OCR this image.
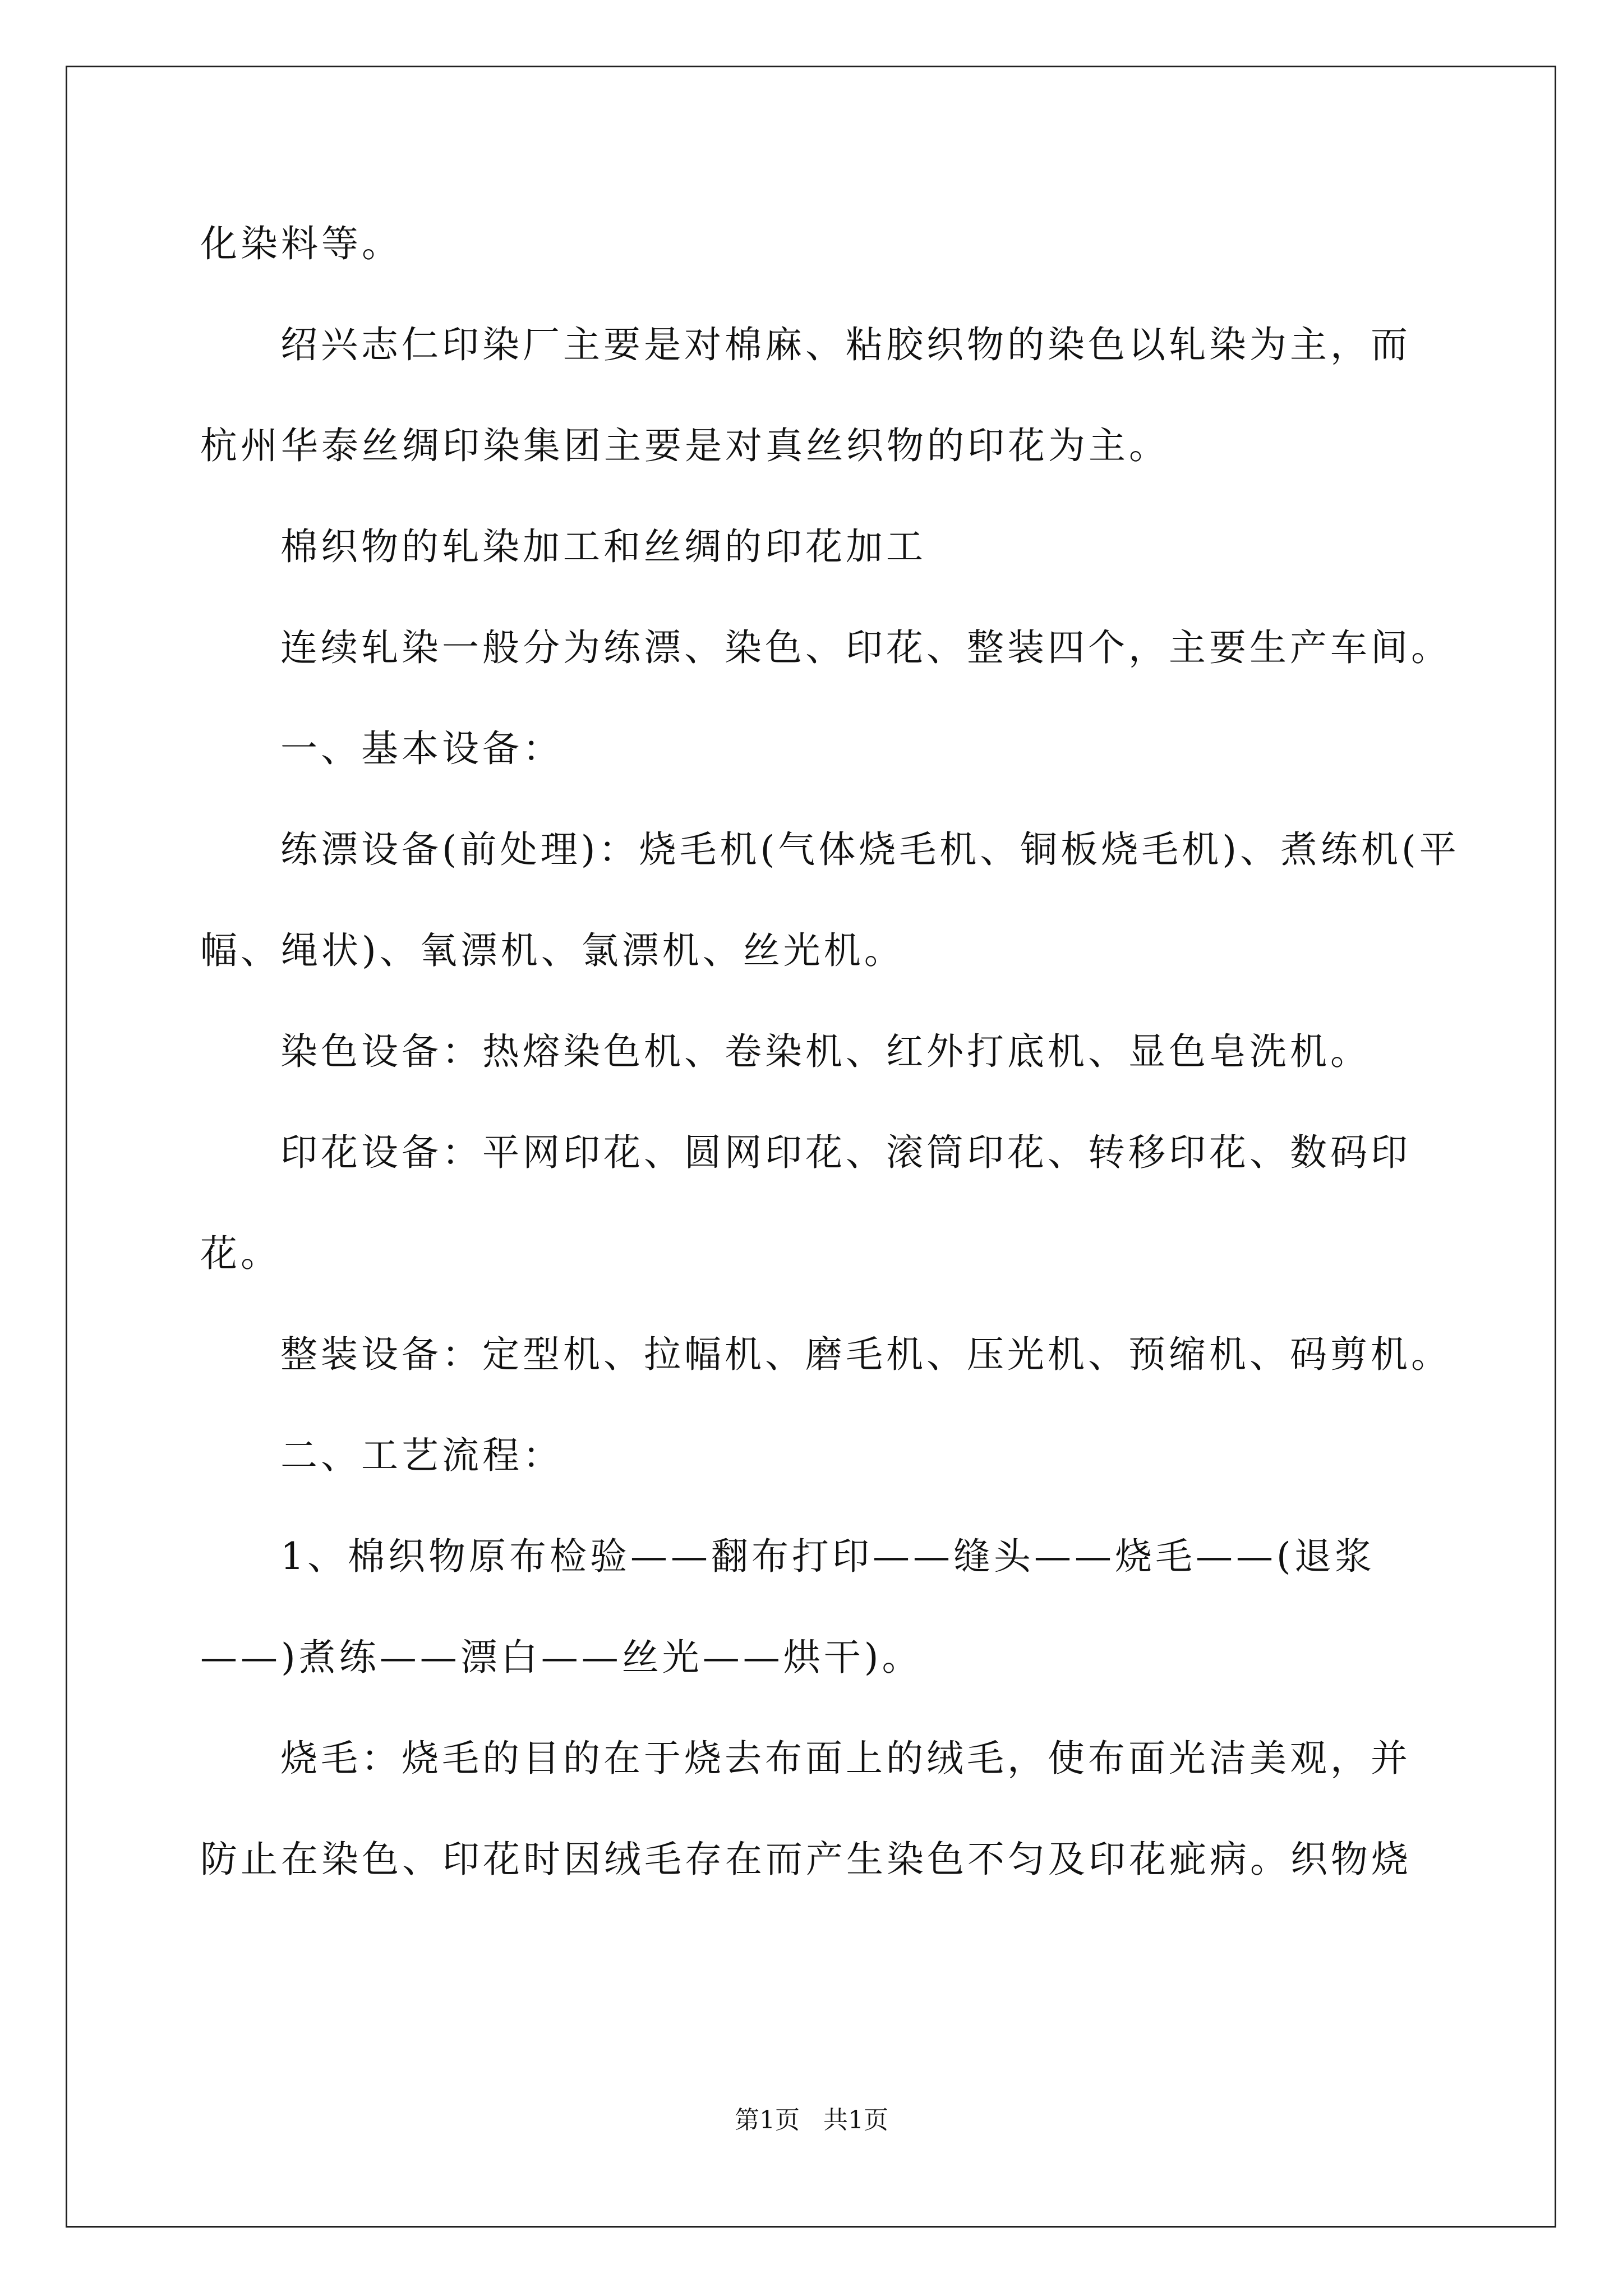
化染料等。

绍兴志仁印染厂主要是对棉麻、粘胶织物的染色以轧染为主，而

杭州华泰丝绸印染集团主要是对真丝织物的印花为主。

棉织物的轧染加工和丝绸的印花加工

连续轧染一般分为练漂、染色、印花、整装四个，主要生产车间。

一、基本设备：

练漂设备(前处理)：烧毛机(气体烧毛机、铜板烧毛机)、煮练机(平

幅、绳状)、氧漂机、氯漂机、丝光机。

染色设备：热熔染色机、卷染机、红外打底机、显色皂洗机。

印花设备：平网印花、圆网印花、滚筒印花、转移印花、数码印

花。

整装设备：定型机、拉幅机、磨毛机、压光机、预缩机、码剪机。

二、工艺流程：

1、棉织物原布检验——翻布打印——缝头——烧毛——(退浆

——)煮练——漂白——丝光——烘干)。

烧毛：烧毛的目的在于烧去布面上的绒毛，使布面光洁美观，并

防止在染色、印花时因绒毛存在而产生染色不匀及印花疵病。织物烧

第1页   共1页
